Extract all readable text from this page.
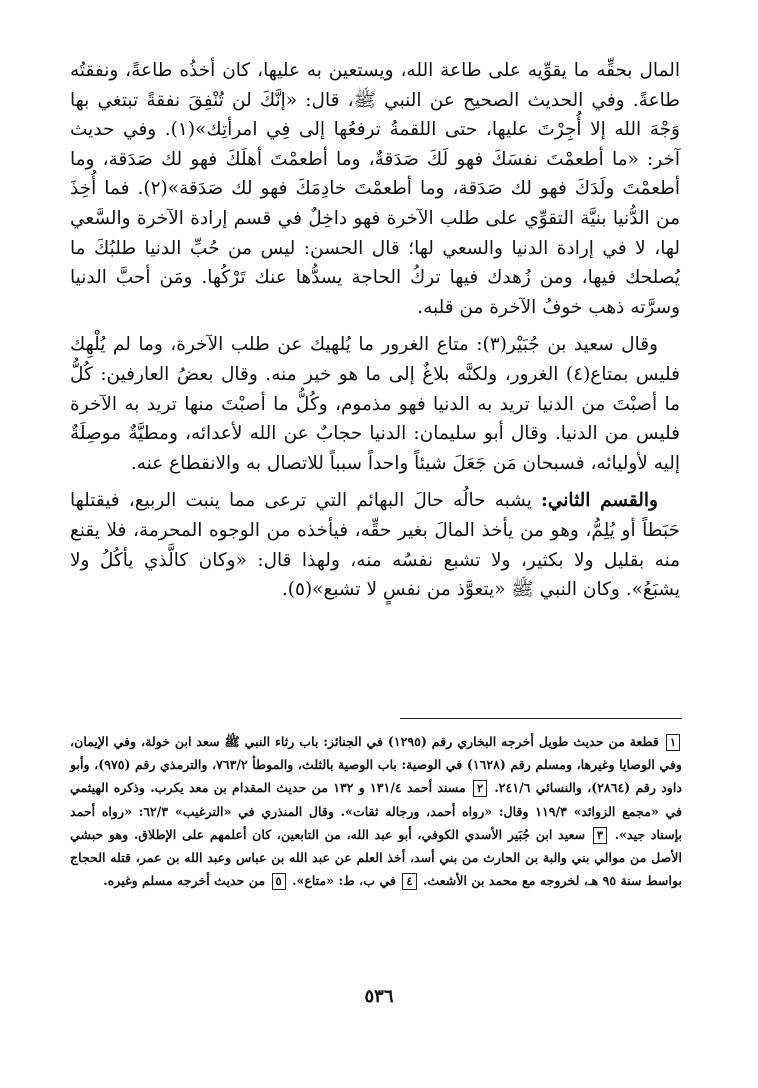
المال بحقِّه ما يقوِّيه على طاعة الله، ويستعين به عليها، كان أخذُه طاعةً، ونفقتُه طاعةً. وفي الحديث الصحيح عن النبي ﷺ، قال: «إنَّكَ لن تُنْفِقَ نفقةً تبتغي بها وَجْهَ الله إلا أُجِرْتَ عليها، حتى اللقمةُ ترفعُها إلى فِي امرأتِك»(١). وفي حديث آخر: «ما أطعمْتَ نفسَكَ فهو لَكَ صَدَقةٌ، وما أطعمْتَ أهلَكَ فهو لك صَدَقة، وما أطعمْتَ ولَدَكَ فهو لك صَدَقة، وما أطعمْتَ خادِمَكَ فهو لك صَدَقة»(٢). فما أُخِذَ من الدُّنيا بنيَّة التقوِّي على طلب الآخرة فهو داخِلٌ في قسم إرادة الآخرة والسَّعي لها، لا في إرادة الدنيا والسعي لها؛ قال الحسن: ليس من حُبِّ الدنيا طلبُكَ ما يُصلحك فيها، ومن زُهدك فيها تركُ الحاجة يسدُّها عنك تَرْكُها. ومَن أحبَّ الدنيا وسرَّته ذهب خوفُ الآخرة من قلبه.

وقال سعيد بن جُبَيْر(٣): متاع الغرور ما يُلهيك عن طلب الآخرة، وما لم يُلْهِك فليس بمتاع(٤) الغرور، ولكنَّه بلاغٌ إلى ما هو خير منه. وقال بعضُ العارفين: كُلُّ ما أصبْتَ من الدنيا تريد به الدنيا فهو مذموم، وكُلُّ ما أصبْتَ منها تريد به الآخرة فليس من الدنيا. وقال أبو سليمان: الدنيا حجابٌ عن الله لأعدائه، ومطيَّةٌ موصِلَةٌ إليه لأوليائه، فسبحان مَن جَعَلَ شيئاً واحداً سبباً للاتصال به والانقطاع عنه.

والقسم الثاني: يشبه حالُه حالَ البهائم التي ترعى مما ينبت الربيع، فيقتلها حَبَطاً أو يُلِمُّ، وهو من يأخذ المالَ بغير حقِّه، فيأخذه من الوجوه المحرمة، فلا يقنع منه بقليل ولا بكثير، ولا تشبع نفسُه منه، ولهذا قال: «وكان كالَّذي يأكُلُ ولا يشبَعُ». وكان النبي ﷺ «يتعوَّذ من نفسٍ لا تشبع»(٥).

١ قطعة من حديث طويل أخرجه البخاري رقم (١٢٩٥) في الجنائز: باب رثاء النبي ﷺ سعد ابن خولة، وفي الإيمان، وفي الوصايا وغيرها، ومسلم رقم (١٦٢٨) في الوصية: باب الوصية بالثلث، والموطأ ٧٦٣/٢، والترمذي رقم (٩٧٥)، وأبو داود رقم (٢٨٦٤)، والنسائي ٢٤١/٦. ٢ مسند أحمد ١٣١/٤ و ١٣٢ من حديث المقدام بن معد يكرب. وذكره الهيثمي في «مجمع الزوائد» ١١٩/٣ وقال: «رواه أحمد، ورجاله ثقات». وقال المنذري في «الترغيب» ٦٢/٣: «رواه أحمد بإسناد جيد». ٣ سعيد ابن جُبَير الأسدي الكوفي، أبو عبد الله، من التابعين، كان أعلمهم على الإطلاق. وهو حبشي الأصل من موالي بني والبة بن الحارث من بني أسد، أخذ العلم عن عبد الله بن عباس وعبد الله بن عمر، قتله الحجاج بواسط سنة ٩٥ هـ، لخروجه مع محمد بن الأشعث. ٤ في ب، ط: «متاع». ٥ من حديث أخرجه مسلم وغيره.
٥٣٦
